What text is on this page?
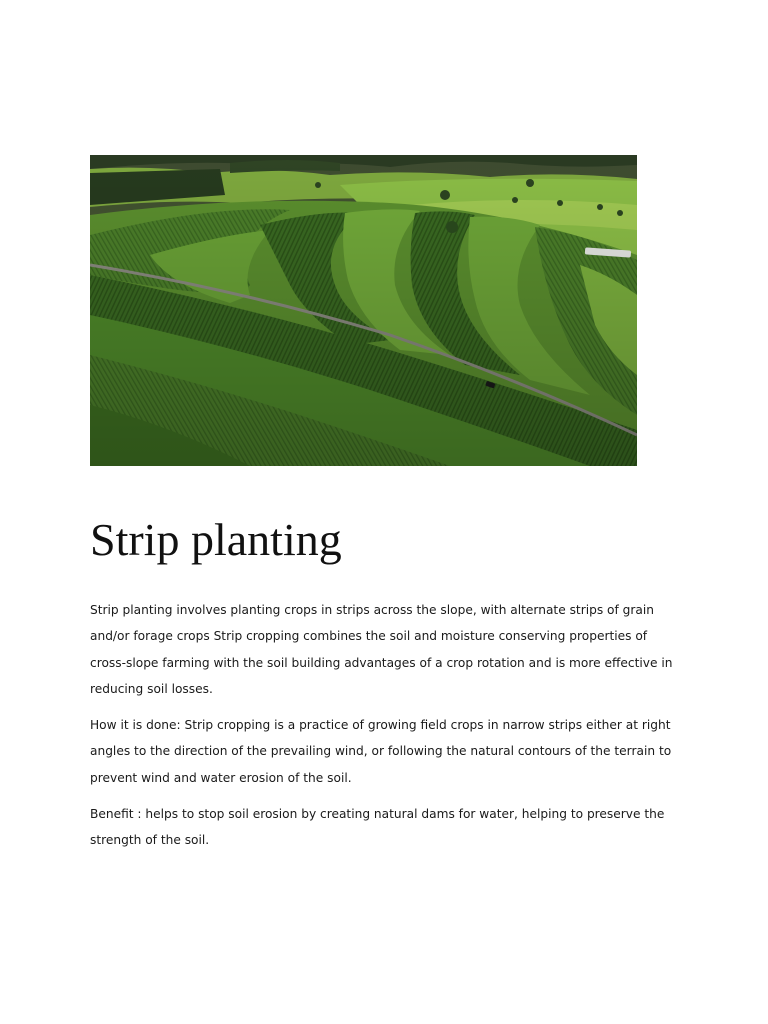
Strip planting

Strip planting involves planting crops in strips across the slope, with alternate strips of grain and/or forage crops Strip cropping combines the soil and moisture conserving properties of cross-slope farming with the soil building advantages of a crop rotation and is more effective in reducing soil losses.

How it is done: Strip cropping is a practice of growing field crops in narrow strips either at right angles to the direction of the prevailing wind, or following the natural contours of the terrain to prevent wind and water erosion of the soil.

Benefit : helps to stop soil erosion by creating natural dams for water, helping to preserve the strength of the soil.
